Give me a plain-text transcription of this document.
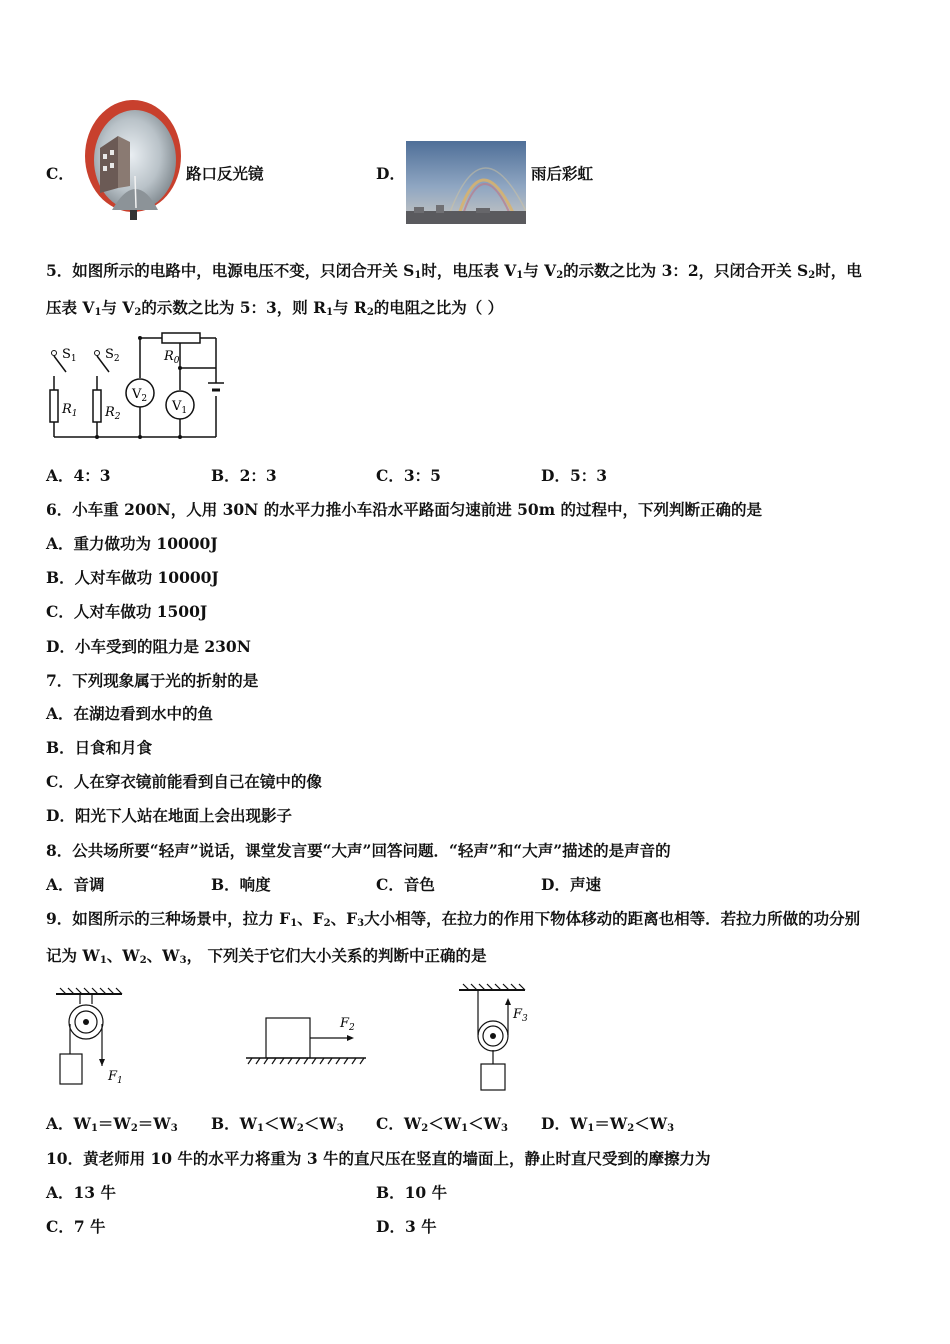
C．	路口反光镜	D．	雨后彩虹
5．如图所示的电路中，电源电压不变，只闭合开关 $S_1$时，电压表 $V_1$与 $V_2$的示数之比为 3：2，只闭合开关 $S_2$时，电
压表 $V_1$与 $V_2$的示数之比为 5：3，则 $R_1$与 $R_2$的电阻之比为（ ）
$S_1$ $S_2$	$R_0$
$V_2$ $V_1$
$R_1$ $R_2$
A．4：3	B．2：3	C．3：5	D．5：3
6．小车重 200N，人用 30N 的水平力推小车沿水平路面匀速前进 50m 的过程中，下列判断正确的是
A．重力做功为 10000J
B．人对车做功 10000J
C．人对车做功 1500J
D．小车受到的阻力是 230N
7．下列现象属于光的折射的是
A．在湖边看到水中的鱼
B．日食和月食
C．人在穿衣镜前能看到自己在镜中的像
D．阳光下人站在地面上会出现影子
8．公共场所要“轻声”说话，课堂发言要“大声”回答问题．“轻声”和“大声”描述的是声音的
A．音调	B．响度	C．音色	D．声速
9．如图所示的三种场景中，拉力 $F_1$、$F_2$、$F_3$大小相等，在拉力的作用下物体移动的距离也相等．若拉力所做的功分别
记为 $W_1$、$W_2$、$W_3$， 下列关于它们大小关系的判断中正确的是
$F_1$
$F_2$
$F_3$
A．$W_1=W_2=W_3$ B．$W_1<W_2<W_3$ C．$W_2<W_1<W_3$ D．$W_1=W_2<W_3$
10．黄老师用 10 牛的水平力将重为 3 牛的直尺压在竖直的墙面上，静止时直尺受到的摩擦力为
A．13 牛	B．10 牛
C．7 牛	D．3 牛
